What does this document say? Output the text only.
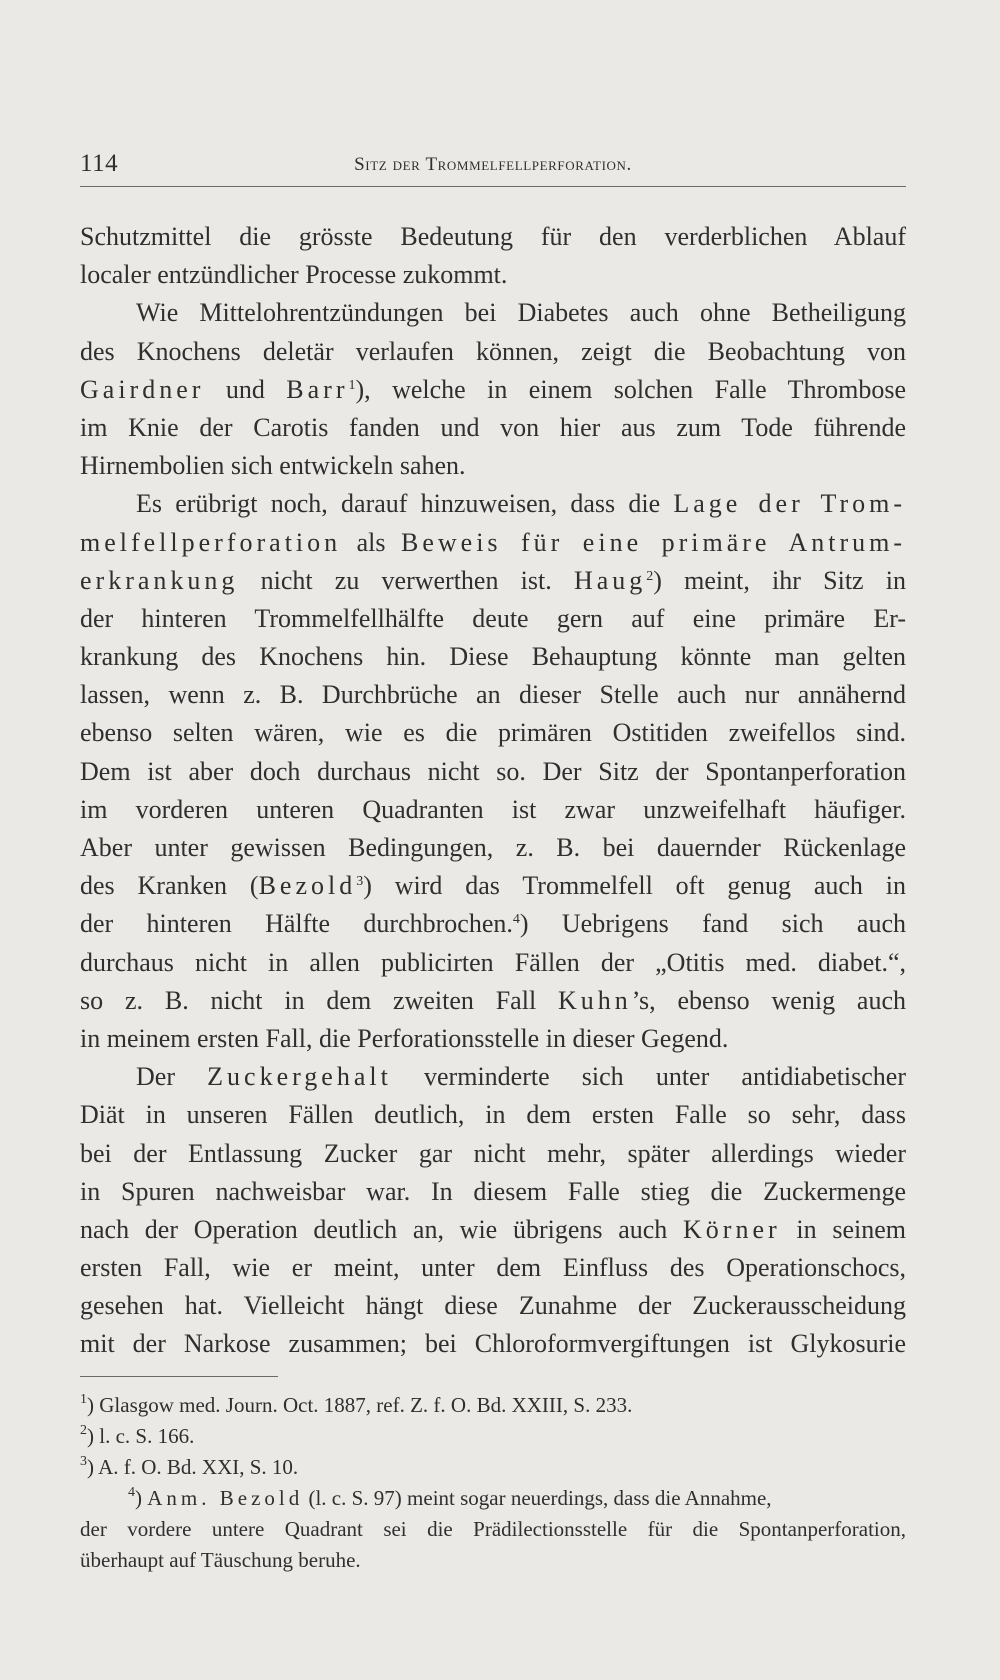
114	Sitz der Trommelfellperforation.
Schutzmittel die grösste Bedeutung für den verderblichen Ablauf
localer entzündlicher Processe zukommt.
Wie Mittelohrentzündungen bei Diabetes auch ohne Betheiligung
des Knochens deletär verlaufen können, zeigt die Beobachtung von
Gairdner und Barr$^1$), welche in einem solchen Falle Thrombose
im Knie der Carotis fanden und von hier aus zum Tode führende
Hirnembolien sich entwickeln sahen.
Es erübrigt noch, darauf hinzuweisen, dass die Lage der Trom-
melfellperforation als Beweis für eine primäre Antrum-
erkrankung nicht zu verwerthen ist. Haug$^2$) meint, ihr Sitz in
der hinteren Trommelfellhälfte deute gern auf eine primäre Er-
krankung des Knochens hin. Diese Behauptung könnte man gelten
lassen, wenn z. B. Durchbrüche an dieser Stelle auch nur annähernd
ebenso selten wären, wie es die primären Ostitiden zweifellos sind.
Dem ist aber doch durchaus nicht so. Der Sitz der Spontanperforation
im vorderen unteren Quadranten ist zwar unzweifelhaft häufiger.
Aber unter gewissen Bedingungen, z. B. bei dauernder Rückenlage
des Kranken (Bezold$^3$) wird das Trommelfell oft genug auch in
der hinteren Hälfte durchbrochen.$^4$) Uebrigens fand sich auch
durchaus nicht in allen publicirten Fällen der „Otitis med. diabet.“,
so z. B. nicht in dem zweiten Fall Kuhn’s, ebenso wenig auch
in meinem ersten Fall, die Perforationsstelle in dieser Gegend.
Der Zuckergehalt verminderte sich unter antidiabetischer
Diät in unseren Fällen deutlich, in dem ersten Falle so sehr, dass
bei der Entlassung Zucker gar nicht mehr, später allerdings wieder
in Spuren nachweisbar war. In diesem Falle stieg die Zuckermenge
nach der Operation deutlich an, wie übrigens auch Körner in seinem
ersten Fall, wie er meint, unter dem Einfluss des Operationschocs,
gesehen hat. Vielleicht hängt diese Zunahme der Zuckerausscheidung
mit der Narkose zusammen; bei Chloroformvergiftungen ist Glykosurie
$^1$) Glasgow med. Journ. Oct. 1887, ref. Z. f. O. Bd. XXIII, S. 233.
$^2$) l. c. S. 166.
$^3$) A. f. O. Bd. XXI, S. 10.
$^4$) Anm. Bezold (l. c. S. 97) meint sogar neuerdings, dass die Annahme,
der vordere untere Quadrant sei die Prädilectionsstelle für die Spontanperforation,
überhaupt auf Täuschung beruhe.
